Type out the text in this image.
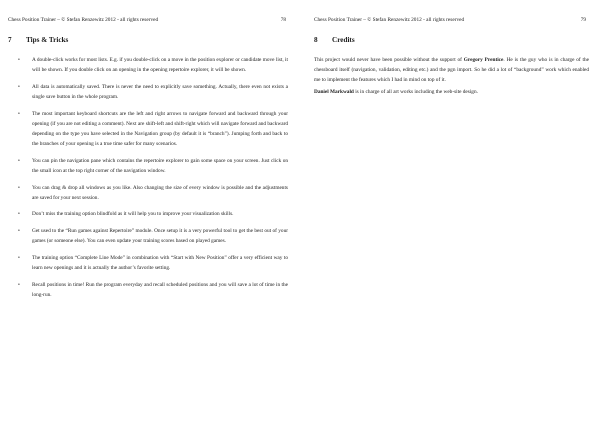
Chess Position Trainer – © Stefan Renzewitz 2012 - all rights reserved	78
7 Tips & Tricks
• A double-click works for most lists. E.g. if you double-click on a move in the position explorer or candidate move list, it will be shown. If you double click on an opening in the opening repertoire explorer, it will be shown.
• All data is automatically saved. There is never the need to explicitly save something. Actually, there even not exists a single save button in the whole program.
• The most important keyboard shortcuts are the left and right arrows to navigate forward and backward through your opening (if you are not editing a comment). Next are shift-left and shift-right which will navigate forward and backward depending on the type you have selected in the Navigation group (by default it is “branch”). Jumping forth and back to the branches of your opening is a true time safer for many scenarios.
• You can pin the navigation pane which contains the repertoire explorer to gain some space on your screen. Just click on the small icon at the top right corner of the navigation window.
• You can drag & drop all windows as you like. Also changing the size of every window is possible and the adjustments are saved for your next session.
• Don’t miss the training option blindfold as it will help you to improve your visualization skills.
• Get used to the “Run games against Repertoire” module. Once setup it is a very powerful tool to get the best out of your games (or someone else). You can even update your training scores based on played games.
• The training option “Complete Line Mode” in combination with “Start with New Position” offer a very efficient way to learn new openings and it is actually the author’s favorite setting.
• Recall positions in time! Run the program everyday and recall scheduled positions and you will save a lot of time in the long-run.
Chess Position Trainer – © Stefan Renzewitz 2012 - all rights reserved	79
8 Credits

This project would never have been possible without the support of Gregory Prentice. He is the guy who is in charge of the chessboard itself (navigation, validation, editing etc.) and the pgn import. So he did a lot of “background” work which enabled me to implement the features which I had in mind on top of it.

Daniel Markwald is in charge of all art works including the web-site design.
